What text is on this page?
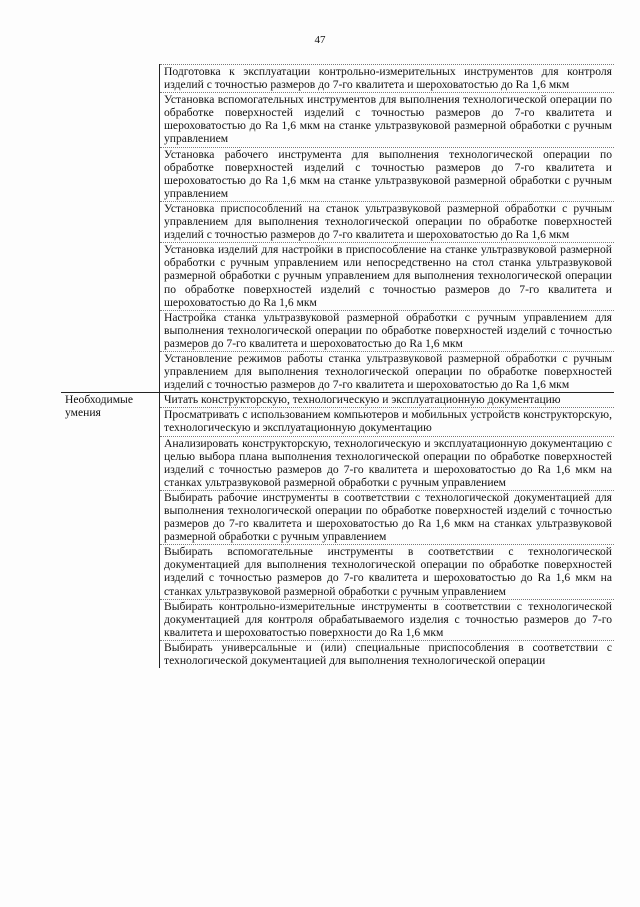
47
	Подготовка к эксплуатации контрольно-измерительных инструментов для контроля изделий с точностью размеров до 7-го квалитета и шероховатостью до Ra 1,6 мкм
	Установка вспомогательных инструментов для выполнения технологической операции по обработке поверхностей изделий с точностью размеров до 7-го квалитета и шероховатостью до Ra 1,6 мкм на станке ультразвуковой размерной обработки с ручным управлением
	Установка рабочего инструмента для выполнения технологической операции по обработке поверхностей изделий с точностью размеров до 7-го квалитета и шероховатостью до Ra 1,6 мкм на станке ультразвуковой размерной обработки с ручным управлением
	Установка приспособлений на станок ультразвуковой размерной обработки с ручным управлением для выполнения технологической операции по обработке поверхностей изделий с точностью размеров до 7-го квалитета и шероховатостью до Ra 1,6 мкм
	Установка изделий для настройки в приспособление на станке ультразвуковой размерной обработки с ручным управлением или непосредственно на стол станка ультразвуковой размерной обработки с ручным управлением для выполнения технологической операции по обработке поверхностей изделий с точностью размеров до 7-го квалитета и шероховатостью до Ra 1,6 мкм
	Настройка станка ультразвуковой размерной обработки с ручным управлением для выполнения технологической операции по обработке поверхностей изделий с точностью размеров до 7-го квалитета и шероховатостью до Ra 1,6 мкм
	Установление режимов работы станка ультразвуковой размерной обработки с ручным управлением для выполнения технологической операции по обработке поверхностей изделий с точностью размеров до 7-го квалитета и шероховатостью до Ra 1,6 мкм
Необходимые умения	Читать конструкторскую, технологическую и эксплуатационную документацию
	Просматривать с использованием компьютеров и мобильных устройств конструкторскую, технологическую и эксплуатационную документацию
	Анализировать конструкторскую, технологическую и эксплуатационную документацию с целью выбора плана выполнения технологической операции по обработке поверхностей изделий с точностью размеров до 7-го квалитета и шероховатостью до Ra 1,6 мкм на станках ультразвуковой размерной обработки с ручным управлением
	Выбирать рабочие инструменты в соответствии с технологической документацией для выполнения технологической операции по обработке поверхностей изделий с точностью размеров до 7-го квалитета и шероховатостью до Ra 1,6 мкм на станках ультразвуковой размерной обработки с ручным управлением
	Выбирать вспомогательные инструменты в соответствии с технологической документацией для выполнения технологической операции по обработке поверхностей изделий с точностью размеров до 7-го квалитета и шероховатостью до Ra 1,6 мкм на станках ультразвуковой размерной обработки с ручным управлением
	Выбирать контрольно-измерительные инструменты в соответствии с технологической документацией для контроля обрабатываемого изделия с точностью размеров до 7-го квалитета и шероховатостью поверхности до Ra 1,6 мкм
	Выбирать универсальные и (или) специальные приспособления в соответствии с технологической документацией для выполнения технологической операции
